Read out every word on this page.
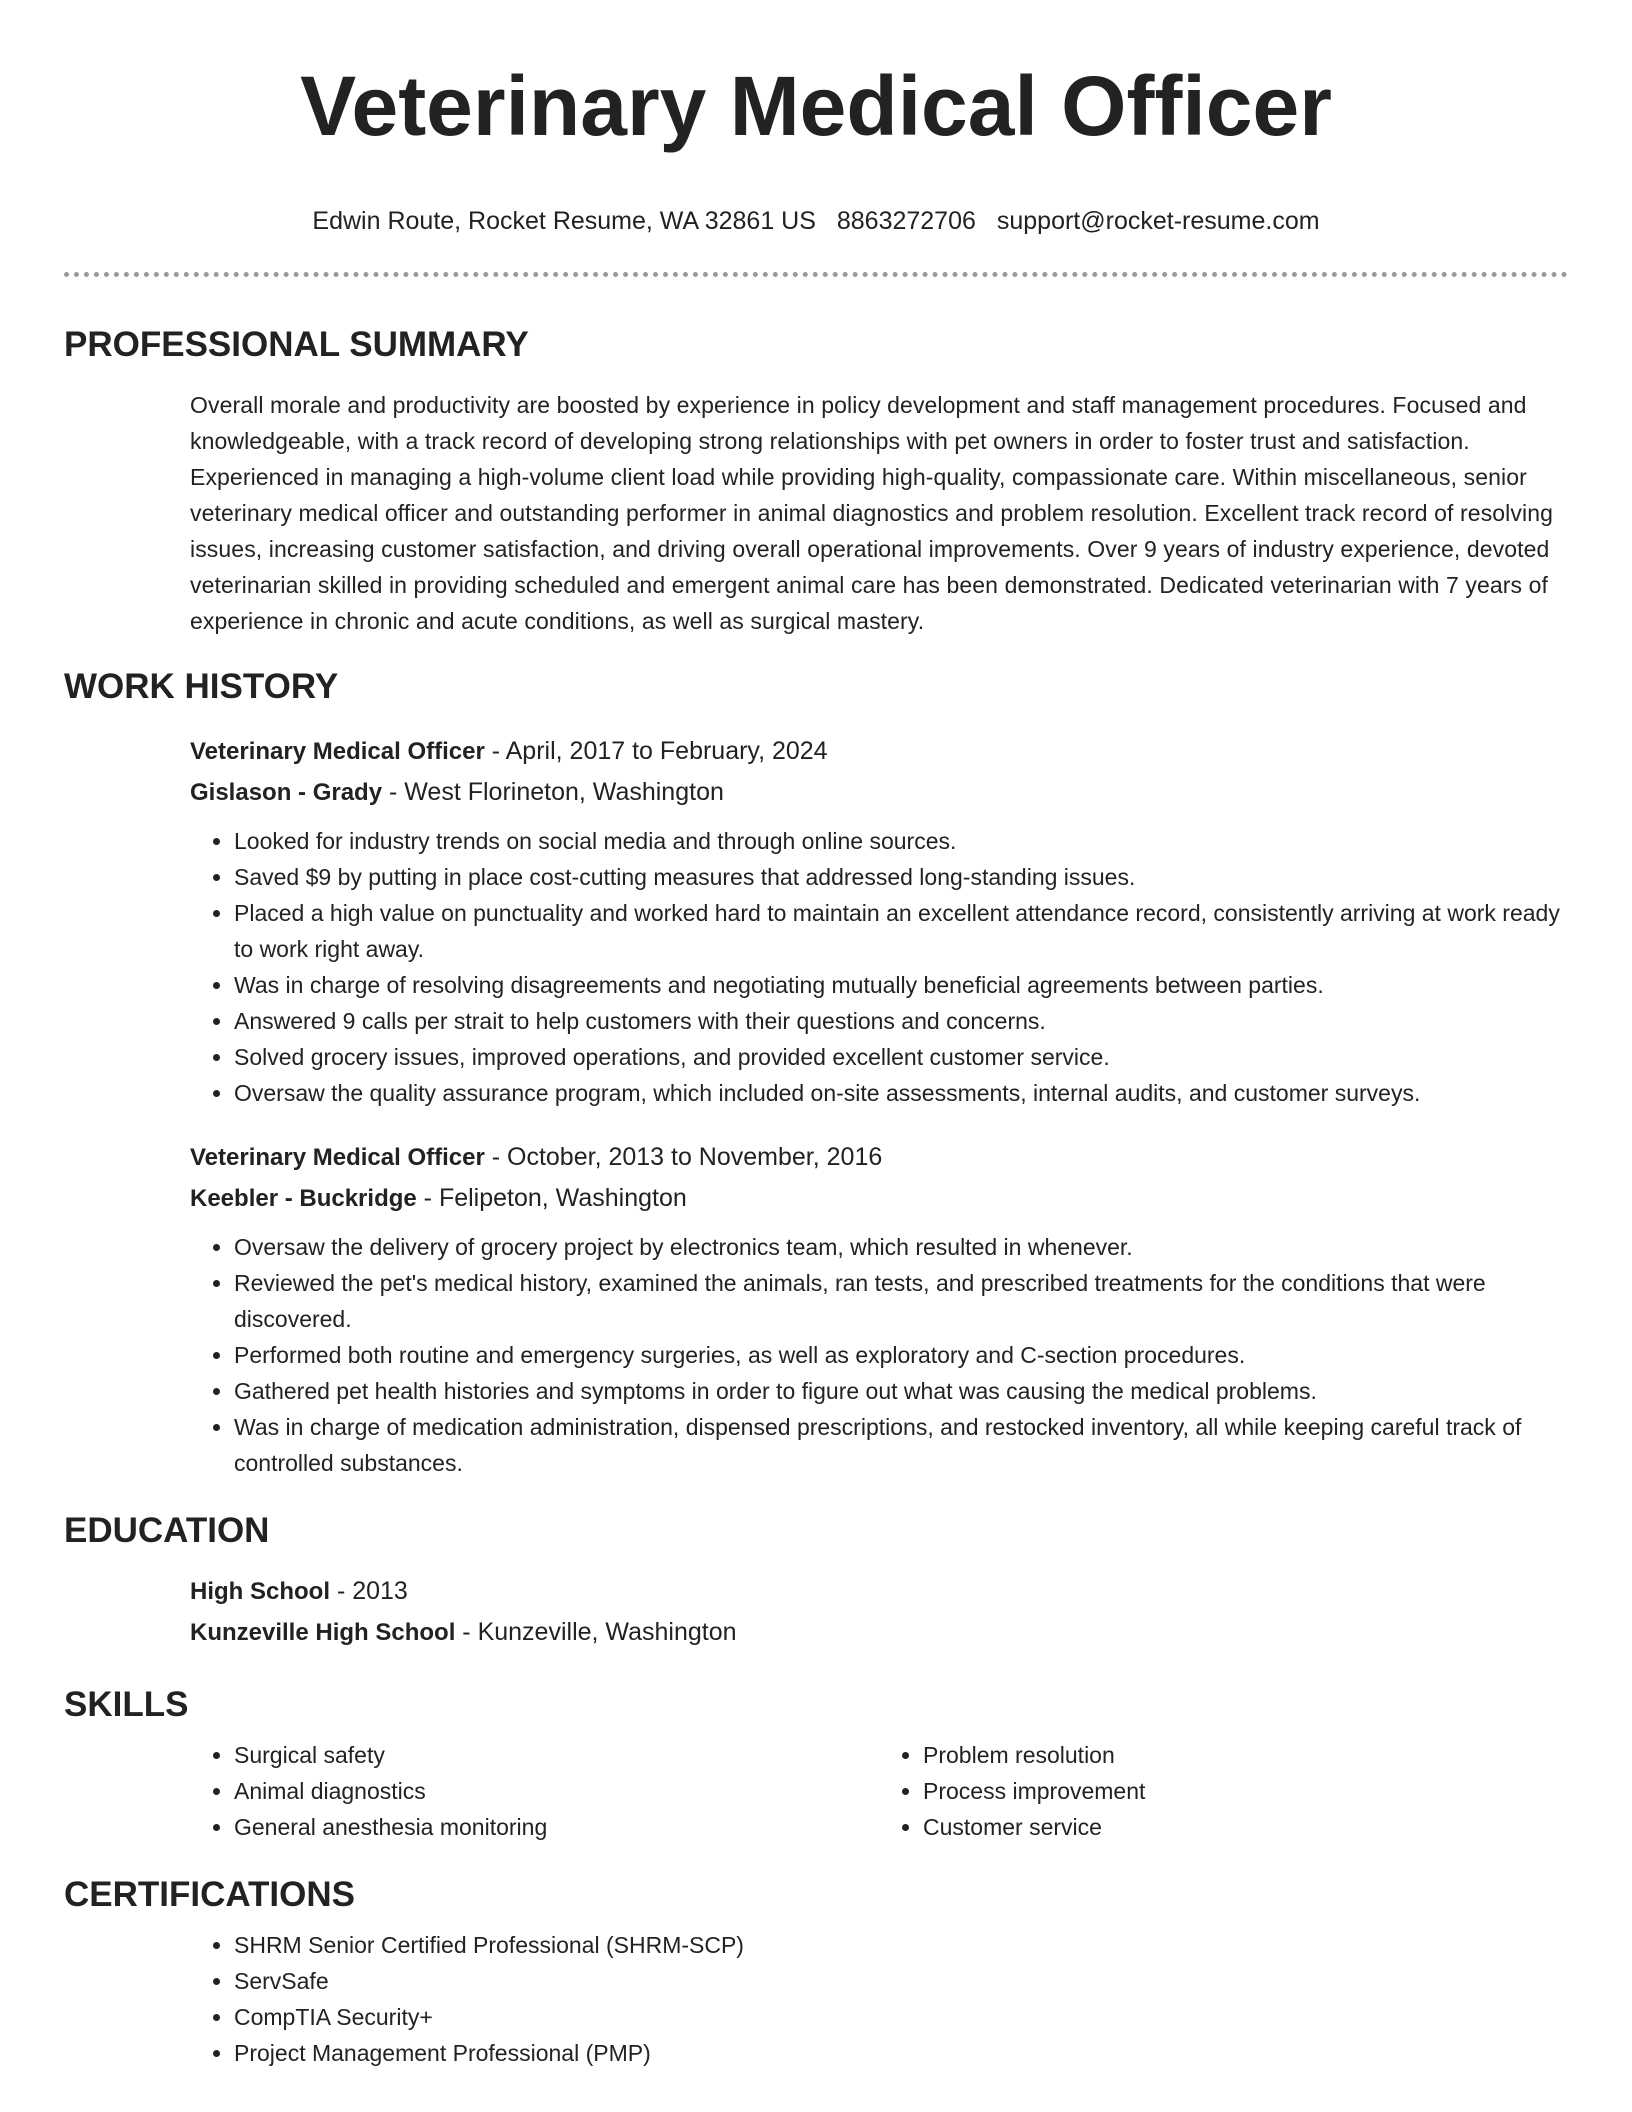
Veterinary Medical Officer
Edwin Route, Rocket Resume, WA 32861 US 8863272706 support@rocket-resume.com
PROFESSIONAL SUMMARY
Overall morale and productivity are boosted by experience in policy development and staff management procedures. Focused and knowledgeable, with a track record of developing strong relationships with pet owners in order to foster trust and satisfaction. Experienced in managing a high-volume client load while providing high-quality, compassionate care. Within miscellaneous, senior veterinary medical officer and outstanding performer in animal diagnostics and problem resolution. Excellent track record of resolving issues, increasing customer satisfaction, and driving overall operational improvements. Over 9 years of industry experience, devoted veterinarian skilled in providing scheduled and emergent animal care has been demonstrated. Dedicated veterinarian with 7 years of experience in chronic and acute conditions, as well as surgical mastery.
WORK HISTORY
Veterinary Medical Officer - April, 2017 to February, 2024
Gislason - Grady - West Florineton, Washington
• Looked for industry trends on social media and through online sources.
• Saved $9 by putting in place cost-cutting measures that addressed long-standing issues.
• Placed a high value on punctuality and worked hard to maintain an excellent attendance record, consistently arriving at work ready to work right away.
• Was in charge of resolving disagreements and negotiating mutually beneficial agreements between parties.
• Answered 9 calls per strait to help customers with their questions and concerns.
• Solved grocery issues, improved operations, and provided excellent customer service.
• Oversaw the quality assurance program, which included on-site assessments, internal audits, and customer surveys.
Veterinary Medical Officer - October, 2013 to November, 2016
Keebler - Buckridge - Felipeton, Washington
• Oversaw the delivery of grocery project by electronics team, which resulted in whenever.
• Reviewed the pet's medical history, examined the animals, ran tests, and prescribed treatments for the conditions that were discovered.
• Performed both routine and emergency surgeries, as well as exploratory and C-section procedures.
• Gathered pet health histories and symptoms in order to figure out what was causing the medical problems.
• Was in charge of medication administration, dispensed prescriptions, and restocked inventory, all while keeping careful track of controlled substances.
EDUCATION
High School - 2013
Kunzeville High School - Kunzeville, Washington
SKILLS
• Surgical safety
• Animal diagnostics
• General anesthesia monitoring
• Problem resolution
• Process improvement
• Customer service
CERTIFICATIONS
• SHRM Senior Certified Professional (SHRM-SCP)
• ServSafe
• CompTIA Security+
• Project Management Professional (PMP)
